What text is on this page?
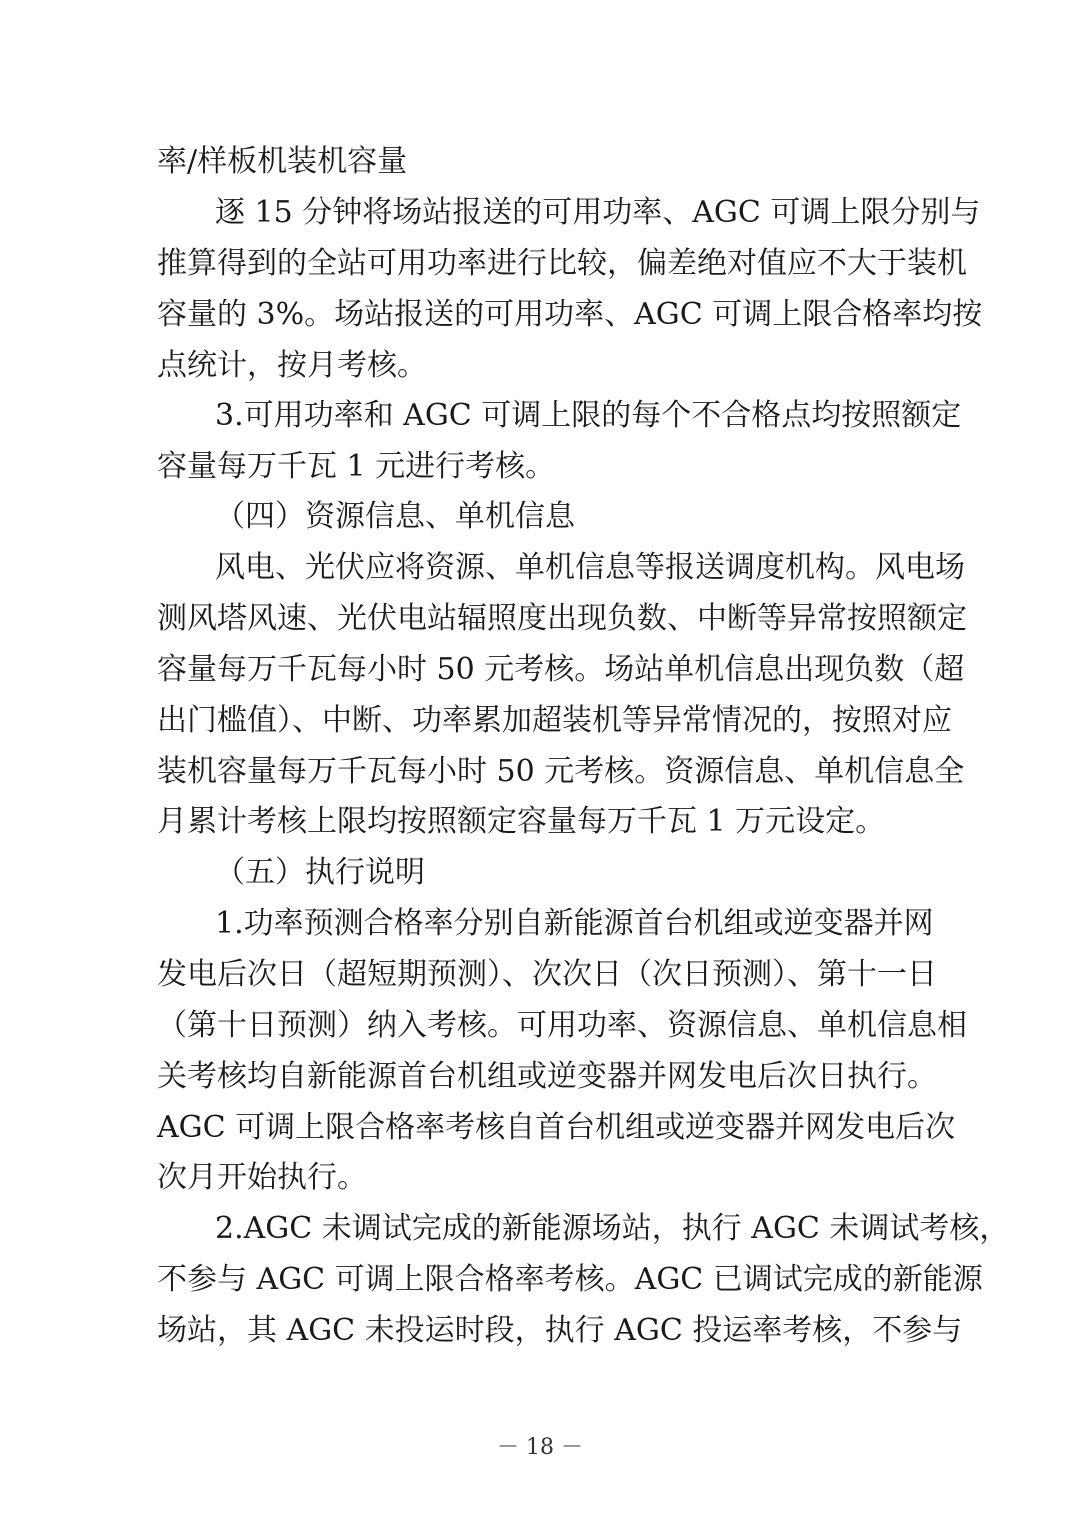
率/样板机装机容量
逐 15 分钟将场站报送的可用功率、AGC 可调上限分别与
推算得到的全站可用功率进行比较，偏差绝对值应不大于装机
容量的 3%。场站报送的可用功率、AGC 可调上限合格率均按
点统计，按月考核。
3.可用功率和 AGC 可调上限的每个不合格点均按照额定
容量每万千瓦 1 元进行考核。
（四）资源信息、单机信息
风电、光伏应将资源、单机信息等报送调度机构。风电场
测风塔风速、光伏电站辐照度出现负数、中断等异常按照额定
容量每万千瓦每小时 50 元考核。场站单机信息出现负数（超
出门槛值）、中断、功率累加超装机等异常情况的，按照对应
装机容量每万千瓦每小时 50 元考核。资源信息、单机信息全
月累计考核上限均按照额定容量每万千瓦 1 万元设定。
（五）执行说明
1.功率预测合格率分别自新能源首台机组或逆变器并网
发电后次日（超短期预测）、次次日（次日预测）、第十一日
（第十日预测）纳入考核。可用功率、资源信息、单机信息相
关考核均自新能源首台机组或逆变器并网发电后次日执行。
AGC 可调上限合格率考核自首台机组或逆变器并网发电后次
次月开始执行。
2.AGC 未调试完成的新能源场站，执行 AGC 未调试考核，
不参与 AGC 可调上限合格率考核。AGC 已调试完成的新能源
场站，其 AGC 未投运时段，执行 AGC 投运率考核，不参与
－ 18 －
